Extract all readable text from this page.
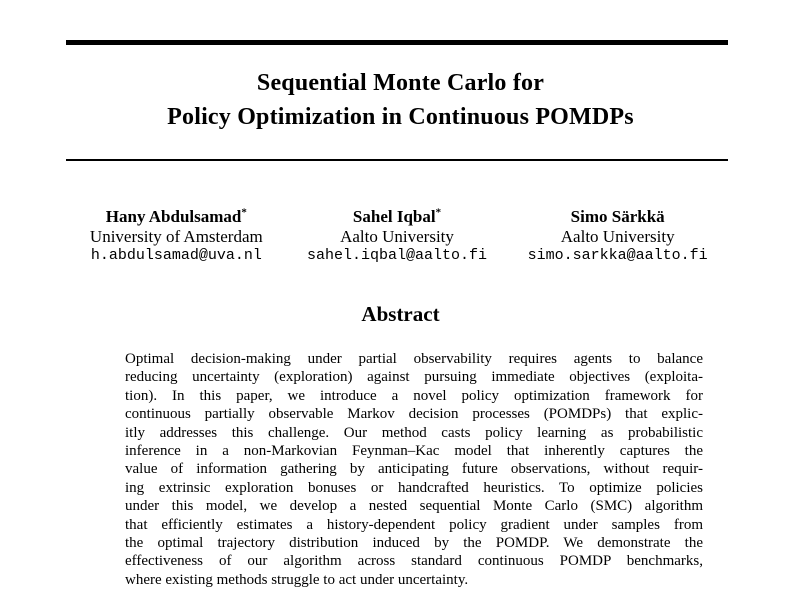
Sequential Monte Carlo for
Policy Optimization in Continuous POMDPs
Hany Abdulsamad*
University of Amsterdam
h.abdulsamad@uva.nl
Sahel Iqbal*
Aalto University
sahel.iqbal@aalto.fi
Simo Särkkä
Aalto University
simo.sarkka@aalto.fi
Abstract
Optimal decision-making under partial observability requires agents to balance
reducing uncertainty (exploration) against pursuing immediate objectives (exploita-
tion). In this paper, we introduce a novel policy optimization framework for
continuous partially observable Markov decision processes (POMDPs) that explic-
itly addresses this challenge. Our method casts policy learning as probabilistic
inference in a non-Markovian Feynman–Kac model that inherently captures the
value of information gathering by anticipating future observations, without requir-
ing extrinsic exploration bonuses or handcrafted heuristics. To optimize policies
under this model, we develop a nested sequential Monte Carlo (SMC) algorithm
that efficiently estimates a history-dependent policy gradient under samples from
the optimal trajectory distribution induced by the POMDP. We demonstrate the
effectiveness of our algorithm across standard continuous POMDP benchmarks,
where existing methods struggle to act under uncertainty.
